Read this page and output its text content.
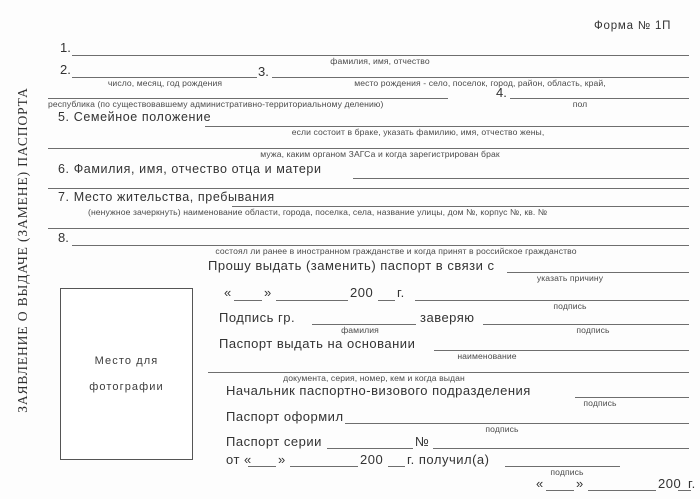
ЗАЯВЛЕНИЕ О ВЫДАЧЕ (ЗАМЕНЕ) ПАСПОРТА
Форма № 1П
1.
фамилия, имя, отчество
2.
число, месяц, год рождения
3.
место рождения - село, поселок, город, район, область, край,
республика (по существовавшему административно-территориальному делению)
4.
пол
5. Семейное положение
если состоит в браке, указать фамилию, имя, отчество жены,
мужа, каким органом ЗАГСа и когда зарегистрирован брак
6. Фамилия, имя, отчество отца и матери
7. Место жительства, пребывания
(ненужное зачеркнуть) наименование области, города, поселка, села, название улицы, дом №, корпус №, кв. №
8.
состоял ли ранее в иностранном гражданстве и когда принят в российское гражданство
Место для
фотографии
Прошу выдать (заменить) паспорт в связи с
указать причину
« »	200 г.
подпись
Подпись гр.
фамилия
заверяю
подпись
Паспорт выдать на основании
наименование
документа, серия, номер, кем и когда выдан
Начальник паспортно-визового подразделения
подпись
Паспорт оформил
подпись
Паспорт серии	№
от « »	200 г. получил(а)
подпись
« »	200 г.
